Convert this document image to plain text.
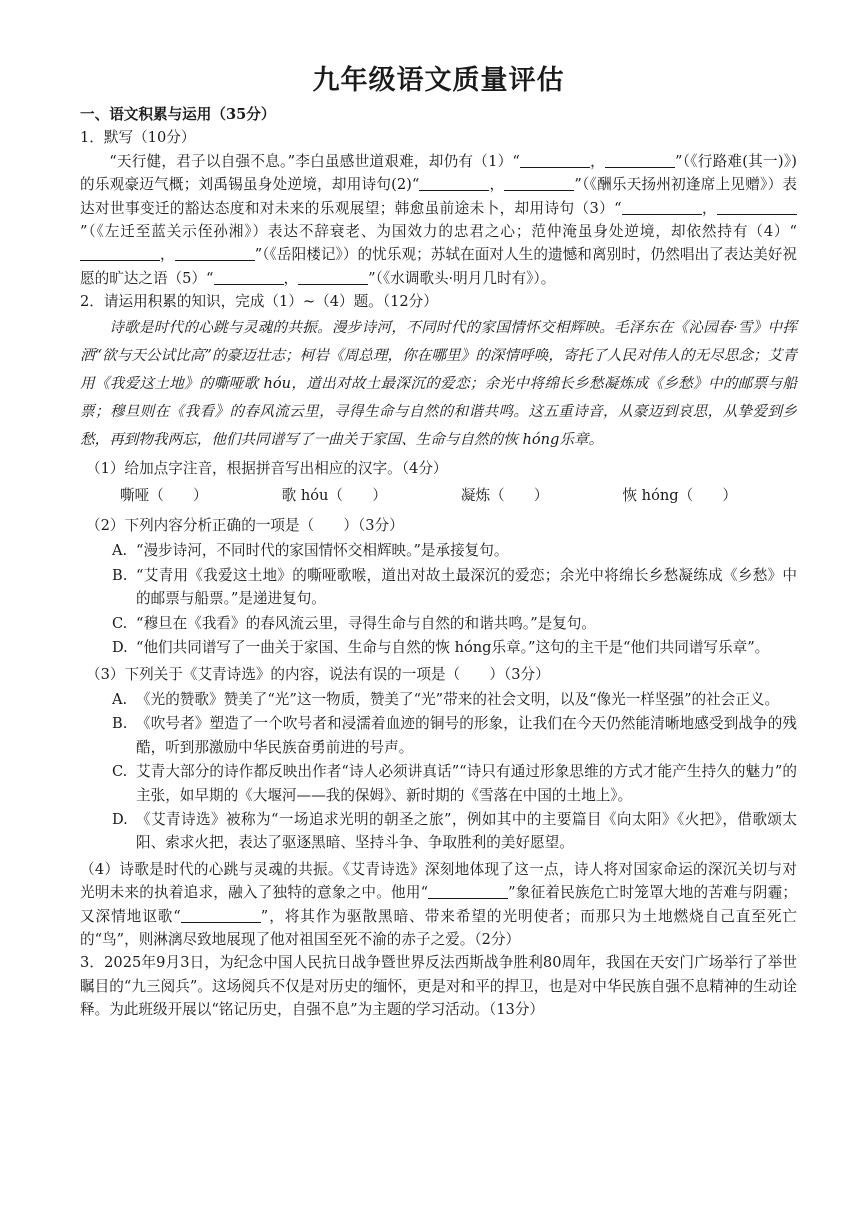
九年级语文质量评估

一、语文积累与运用（35分）

1．默写（10分）

“天行健，君子以自强不息。”李白虽感世道艰难，却仍有（1）“	，	”（《行路难(其一)》)的乐观豪迈气概；刘禹锡虽身处逆境，却用诗句(2)“	，	”（《酬乐天扬州初逢席上见赠》）表达对世事变迁的豁达态度和对未来的乐观展望；韩愈虽前途未卜，却用诗句（3）“	，”（《左迁至蓝关示侄孙湘》）表达不辞衰老、为国效力的忠君之心；范仲淹虽身处逆境，却依然持有（4）“，	”（《岳阳楼记》）的忧乐观；苏轼在面对人生的遗憾和离别时，仍然唱出了表达美好祝愿的旷达之语（5）“	，	”（《水调歌头·明月几时有》）。

2．请运用积累的知识，完成（1）~（4）题。（12分）

诗歌是时代的心跳与灵魂的共振。漫步诗河，不同时代的家国情怀交相辉映。毛泽东在《沁园春·雪》中挥洒“欲与天公试比高”的豪迈壮志；柯岩《周总理，你在哪里》的深情呼唤，寄托了人民对伟人的无尽思念；艾青用《我爱这土地》的嘶哑歌 hóu，道出对故土最深沉的爱恋；余光中将绵长乡愁凝炼成《乡愁》中的邮票与船票；穆旦则在《我看》的春风流云里，寻得生命与自然的和谐共鸣。这五重诗音，从豪迈到哀思，从挚爱到乡愁，再到物我两忘，他们共同谱写了一曲关于家国、生命与自然的恢 hóng乐章。

（1）给加点字注音，根据拼音写出相应的汉字。（4分）

嘶哑（　　）	歌 hóu（　　）	凝炼（　　）	恢 hóng（　　）

（2）下列内容分析正确的一项是（　　）（3分）

A. “漫步诗河，不同时代的家国情怀交相辉映。”是承接复句。
B. “艾青用《我爱这土地》的嘶哑歌喉，道出对故土最深沉的爱恋；余光中将绵长乡愁凝练成《乡愁》中的邮票与船票。”是递进复句。
C. “穆旦在《我看》的春风流云里，寻得生命与自然的和谐共鸣。”是复句。
D. “他们共同谱写了一曲关于家国、生命与自然的恢 hóng乐章。”这句的主干是“他们共同谱写乐章”。

（3）下列关于《艾青诗选》的内容，说法有误的一项是（　　）（3分）

A. 《光的赞歌》赞美了“光”这一物质，赞美了“光”带来的社会文明，以及“像光一样坚强”的社会正义。
B. 《吹号者》塑造了一个吹号者和浸濡着血迹的铜号的形象，让我们在今天仍然能清晰地感受到战争的残酷，听到那激励中华民族奋勇前进的号声。
C. 艾青大部分的诗作都反映出作者“诗人必须讲真话”“诗只有通过形象思维的方式才能产生持久的魅力”的主张，如早期的《大堰河——我的保姆》、新时期的《雪落在中国的土地上》。
D. 《艾青诗选》被称为“一场追求光明的朝圣之旅”，例如其中的主要篇目《向太阳》《火把》，借歌颂太阳、索求火把，表达了驱逐黑暗、坚持斗争、争取胜利的美好愿望。

（4）诗歌是时代的心跳与灵魂的共振。《艾青诗选》深刻地体现了这一点，诗人将对国家命运的深沉关切与对光明未来的执着追求，融入了独特的意象之中。他用“	”象征着民族危亡时笼罩大地的苦难与阴霾；又深情地讴歌“	”，将其作为驱散黑暗、带来希望的光明使者；而那只为土地燃烧自己直至死亡的“鸟”，则淋漓尽致地展现了他对祖国至死不渝的赤子之爱。（2分）

3．2025年9月3日，为纪念中国人民抗日战争暨世界反法西斯战争胜利80周年，我国在天安门广场举行了举世瞩目的“九三阅兵”。这场阅兵不仅是对历史的缅怀，更是对和平的捍卫，也是对中华民族自强不息精神的生动诠释。为此班级开展以“铭记历史，自强不息”为主题的学习活动。（13分）
